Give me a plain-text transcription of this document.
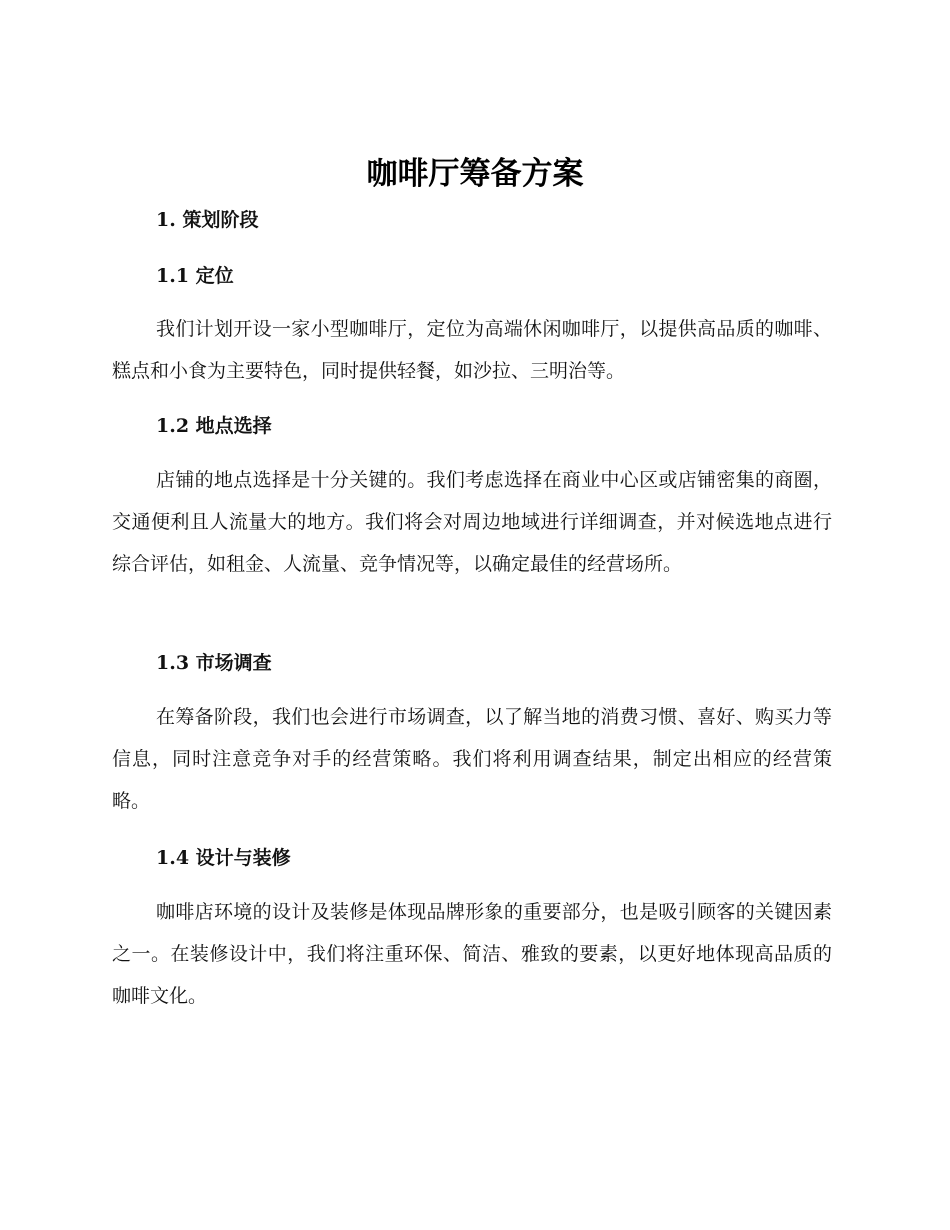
咖啡厅筹备方案
1. 策划阶段
1.1 定位

我们计划开设一家小型咖啡厅，定位为高端休闲咖啡厅，以提供高品质的咖啡、糕点和小食为主要特色，同时提供轻餐，如沙拉、三明治等。

1.2 地点选择

店铺的地点选择是十分关键的。我们考虑选择在商业中心区或店铺密集的商圈，交通便利且人流量大的地方。我们将会对周边地域进行详细调查，并对候选地点进行综合评估，如租金、人流量、竞争情况等，以确定最佳的经营场所。

1.3 市场调查

在筹备阶段，我们也会进行市场调查，以了解当地的消费习惯、喜好、购买力等信息，同时注意竞争对手的经营策略。我们将利用调查结果，制定出相应的经营策略。

1.4 设计与装修

咖啡店环境的设计及装修是体现品牌形象的重要部分，也是吸引顾客的关键因素之一。在装修设计中，我们将注重环保、简洁、雅致的要素，以更好地体现高品质的咖啡文化。
